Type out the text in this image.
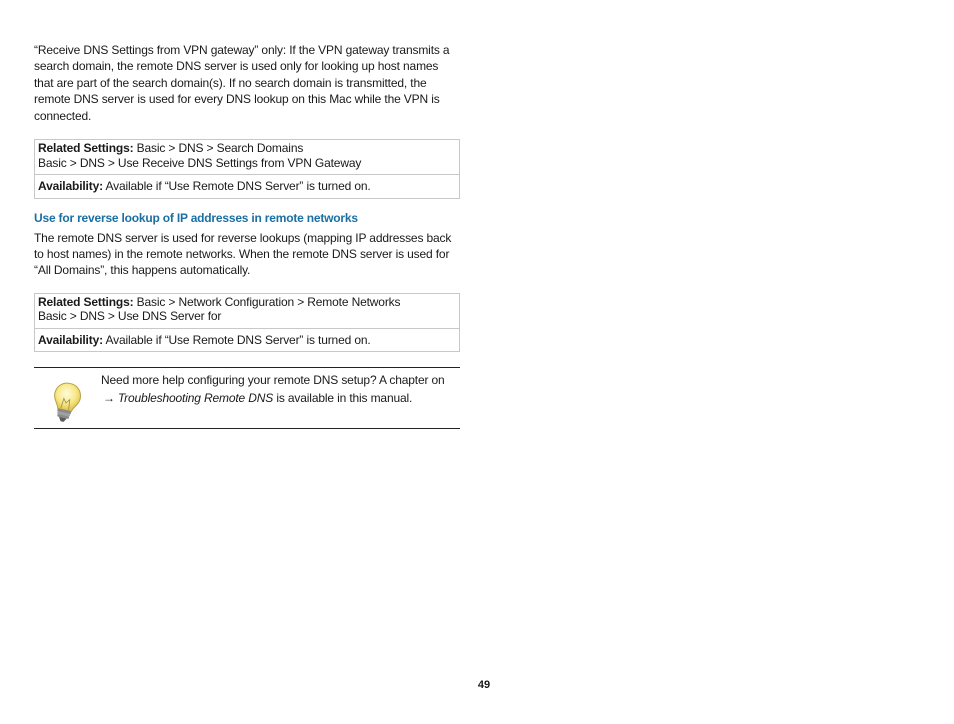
“Receive DNS Settings from VPN gateway” only: If the VPN gateway transmits a search domain, the remote DNS server is used only for looking up host names that are part of the search domain(s). If no search domain is transmitted, the remote DNS server is used for every DNS lookup on this Mac while the VPN is connected.

Related Settings: Basic > DNS > Search Domains
Basic > DNS > Use Receive DNS Settings from VPN Gateway
Availability: Available if “Use Remote DNS Server” is turned on.

Use for reverse lookup of IP addresses in remote networks

The remote DNS server is used for reverse lookups (mapping IP addresses back to host names) in the remote networks. When the remote DNS server is used for “All Domains”, this happens automatically.

Related Settings: Basic > Network Configuration > Remote Networks
Basic > DNS > Use DNS Server for
Availability: Available if “Use Remote DNS Server” is turned on.
Need more help configuring your remote DNS setup? A chapter on → Troubleshooting Remote DNS is available in this manual.
49
